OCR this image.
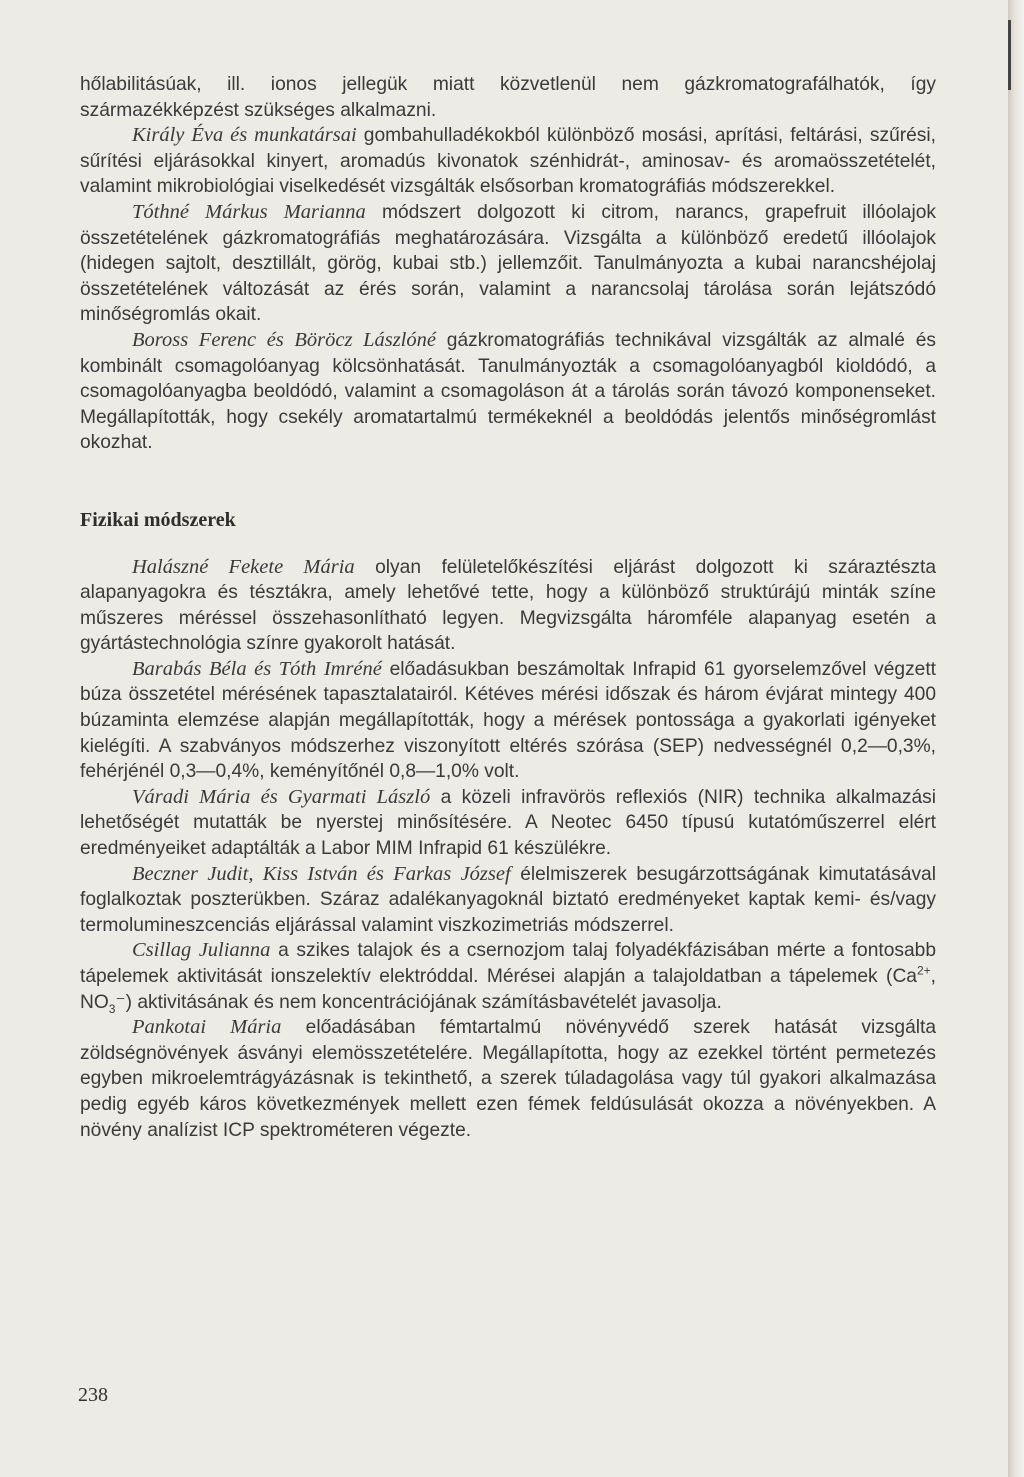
hőlabilitásúak, ill. ionos jellegük miatt közvetlenül nem gázkromatografálhatók, így származékképzést szükséges alkalmazni.

Király Éva és munkatársai gombahulladékokból különböző mosási, aprítási, feltárási, szűrési, sűrítési eljárásokkal kinyert, aromadús kivonatok szénhidrát-, aminosav- és aromaösszetételét, valamint mikrobiológiai viselkedését vizsgálták elsősorban kromatográfiás módszerekkel.

Tóthné Márkus Marianna módszert dolgozott ki citrom, narancs, grapefruit illóolajok összetételének gázkromatográfiás meghatározására. Vizsgálta a különböző eredetű illóolajok (hidegen sajtolt, desztillált, görög, kubai stb.) jellemzőit. Tanulmányozta a kubai narancshéjolaj összetételének változását az érés során, valamint a narancsolaj tárolása során lejátszódó minőségromlás okait.

Boross Ferenc és Böröcz Lászlóné gázkromatográfiás technikával vizsgálták az almalé és kombinált csomagolóanyag kölcsönhatását. Tanulmányozták a csomagolóanyagból kioldódó, a csomagolóanyagba beoldódó, valamint a csomagoláson át a tárolás során távozó komponenseket. Megállapították, hogy csekély aromatartalmú termékeknél a beoldódás jelentős minőségromlást okozhat.

Fizikai módszerek

Halászné Fekete Mária olyan felületelőkészítési eljárást dolgozott ki száraztészta alapanyagokra és tésztákra, amely lehetővé tette, hogy a különböző struktúrájú minták színe műszeres méréssel összehasonlítható legyen. Megvizsgálta háromféle alapanyag esetén a gyártástechnológia színre gyakorolt hatását.

Barabás Béla és Tóth Imréné előadásukban beszámoltak Infrapid 61 gyorselemzővel végzett búza összetétel mérésének tapasztalatairól. Kétéves mérési időszak és három évjárat mintegy 400 búzaminta elemzése alapján megállapították, hogy a mérések pontossága a gyakorlati igényeket kielégíti. A szabványos módszerhez viszonyított eltérés szórása (SEP) nedvességnél 0,2—0,3%, fehérjénél 0,3—0,4%, keményítőnél 0,8—1,0% volt.

Váradi Mária és Gyarmati László a közeli infravörös reflexiós (NIR) technika alkalmazási lehetőségét mutatták be nyerstej minősítésére. A Neotec 6450 típusú kutatóműszerrel elért eredményeiket adaptálták a Labor MIM Infrapid 61 készülékre.

Beczner Judit, Kiss István és Farkas József élelmiszerek besugárzottságának kimutatásával foglalkoztak poszterükben. Száraz adalékanyagoknál biztató eredményeket kaptak kemi- és/vagy termolumineszcenciás eljárással valamint viszkozimetriás módszerrel.

Csillag Julianna a szikes talajok és a csernozjom talaj folyadékfázisában mérte a fontosabb tápelemek aktivitását ionszelektív elektróddal. Mérései alapján a talajoldatban a tápelemek ($Ca^{2+}$, $NO_3^-$) aktivitásának és nem koncentrációjának számításbavételét javasolja.

Pankotai Mária előadásában fémtartalmú növényvédő szerek hatását vizsgálta zöldségnövények ásványi elemösszetételére. Megállapította, hogy az ezekkel történt permetezés egyben mikroelemtrágyázásnak is tekinthető, a szerek túladagolása vagy túl gyakori alkalmazása pedig egyéb káros következmények mellett ezen fémek feldúsulását okozza a növényekben. A növény analízist ICP spektrométeren végezte.

238
